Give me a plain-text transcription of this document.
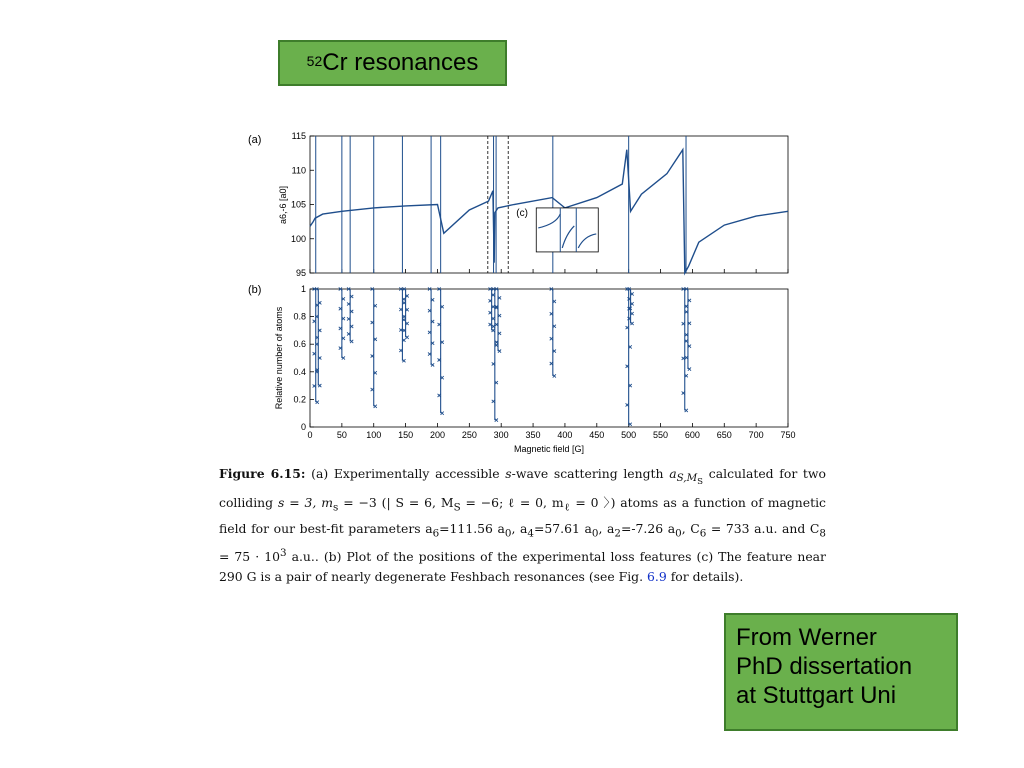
$^{52}$ Cr resonances
(a)
95
100
105
110
115
a6,-6 [a0]	(c)
(b)
0
0.2
0.4
0.6
0.8
1
0	50 100 150 200 250 300 350 400 450 500 550 600 650 700 750
Magnetic field [G]
Relative number of atoms
Figure 6.15: (a) Experimentally accessible s-wave scattering length $a_{S,M_S}$ calculated for two colliding s = 3, $m_s = -3$ (| S = 6, $M_S = -6$; ℓ = 0, $m_\ell = 0$ 〉) atoms as a function of magnetic field for our best-fit parameters $a_6=111.56$ $a_0$, $a_4=57.61$ $a_0$, $a_2=-7.26$ $a_0$, $C_6 = 733$ a.u. and $C_8 = 75 \cdot 10^3$ a.u.. (b) Plot of the positions of the experimental loss features (c) The feature near 290 G is a pair of nearly degenerate Feshbach resonances (see Fig. 6.9 for details).
From Werner
PhD dissertation
at Stuttgart Uni
